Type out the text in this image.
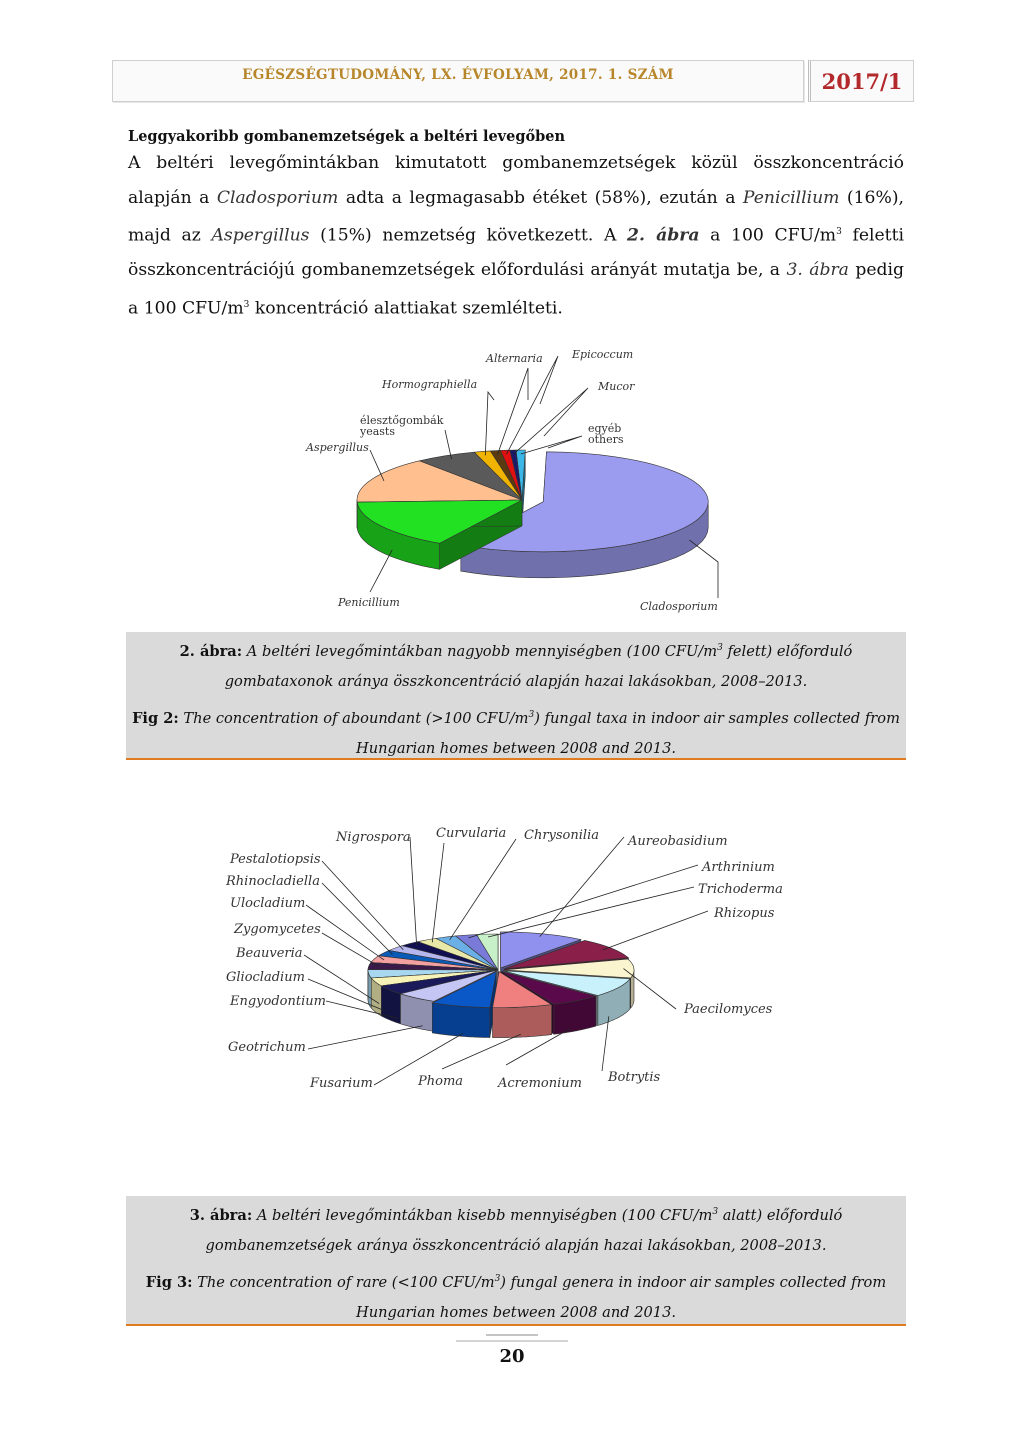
EGÉSZSÉGTUDOMÁNY, LX. ÉVFOLYAM, 2017. 1. SZÁM	2017/1
Leggyakoribb gombanemzetségek a beltéri levegőben
A beltéri levegőmintákban kimutatott gombanemzetségek közül összkoncentráció alapján a Cladosporium adta a legmagasabb étéket (58%), ezután a Penicillium (16%), majd az Aspergillus (15%) nemzetség következett. A 2. ábra a 100 CFU/$m^3$ feletti összkoncentrációjú gombanemzetségek előfordulási arányát mutatja be, a 3. ábra pedig a 100 CFU/$m^3$ koncentráció alattiakat szemlélteti.
Cladosporium
Penicillium
Aspergillus
élesztőgombák
yeasts
Hormographiella
Alternaria	Epicoccum
Mucor
egyéb
others
2. ábra: A beltéri levegőmintákban nagyobb mennyiségben (100 CFU/$m^3$ felett) előforduló gombataxonok aránya összkoncentráció alapján hazai lakásokban, 2008–2013.
Fig 2: The concentration of aboundant (>100 CFU/$m^3$) fungal taxa in indoor air samples collected from Hungarian homes between 2008 and 2013.
Aureobasidium
Rhizopus
Paecilomyces
Botrytis
Acremonium
Phoma
Fusarium
Geotrichum
Engyodontium
Gliocladium
Beauveria
Zygomycetes
Ulocladium
Rhinocladiella
Pestalotiopsis
Nigrospora Curvularia Chrysonilia
Arthrinium
Trichoderma
3. ábra: A beltéri levegőmintákban kisebb mennyiségben (100 CFU/$m^3$ alatt) előforduló gombanemzetségek aránya összkoncentráció alapján hazai lakásokban, 2008–2013.
Fig 3: The concentration of rare (<100 CFU/$m^3$) fungal genera in indoor air samples collected from Hungarian homes between 2008 and 2013.
20
